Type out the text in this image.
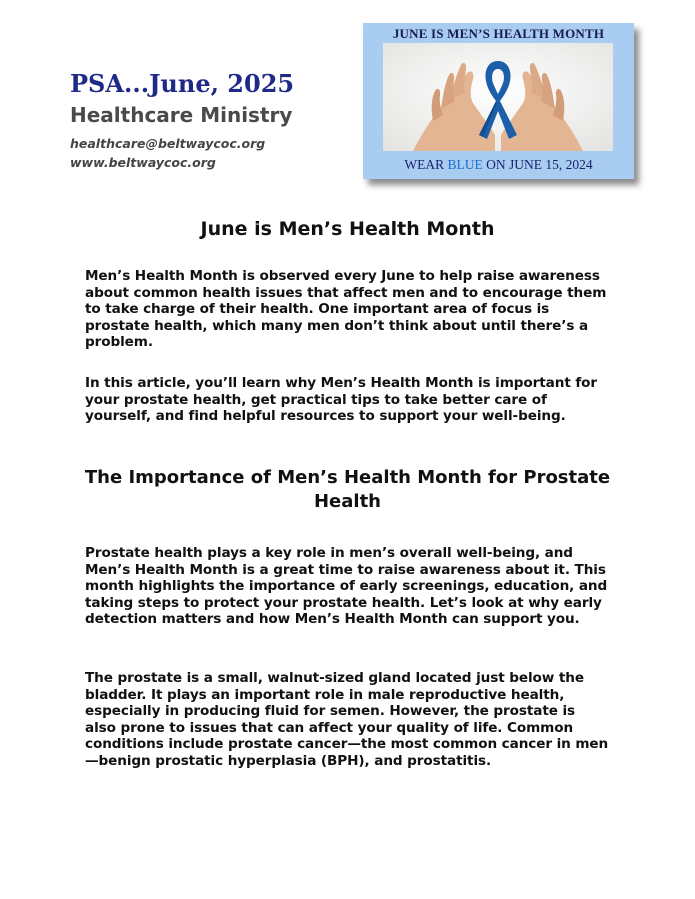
PSA...June, 2025
Healthcare Ministry
healthcare@beltwaycoc.org
www.beltwaycoc.org
JUNE IS MEN’S HEALTH MONTH
WEAR BLUE ON JUNE 15, 2024
June is Men’s Health Month

Men’s Health Month is observed every June to help raise awareness about common health issues that affect men and to encourage them to take charge of their health. One important area of focus is prostate health, which many men don’t think about until there’s a problem.

In this article, you’ll learn why Men’s Health Month is important for your prostate health, get practical tips to take better care of yourself, and find helpful resources to support your well-being.

The Importance of Men’s Health Month for Prostate Health

Prostate health plays a key role in men’s overall well-being, and Men’s Health Month is a great time to raise awareness about it. This month highlights the importance of early screenings, education, and taking steps to protect your prostate health. Let’s look at why early detection matters and how Men’s Health Month can support you.

The prostate is a small, walnut-sized gland located just below the bladder. It plays an important role in male reproductive health, especially in producing fluid for semen. However, the prostate is also prone to issues that can affect your quality of life. Common conditions include prostate cancer—the most common cancer in men—benign prostatic hyperplasia (BPH), and prostatitis.
